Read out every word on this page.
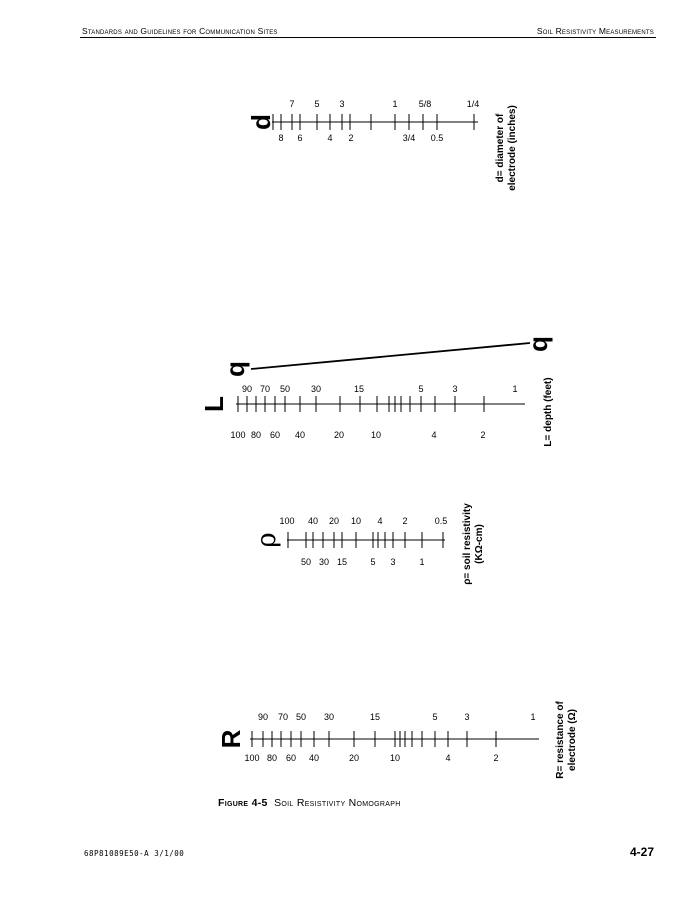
Standards and Guidelines for Communication Sites	Soil Resistivity Measurements
d
7 5 3	1 5/8	1/4
8 6	4 2	3/4 0.5	d= diameter of electrode (inches)
q
q
L
90 70 50 30	15	5	3	1
100 80 60 40	20	10	4	2	L= depth (feet)
ρ
100 40 20 10 4 2	0.5
50 30 15	5 3	1	ρ= soil resistivity (KΩ-cm)
R
90 70 50 30	15	5	3	1
100 80 60 40	20	10	4	2	R= resistance of electrode (Ω)
Figure 4-5 Soil Resistivity Nomograph
68P81089E50-A 3/1/00	4-27
